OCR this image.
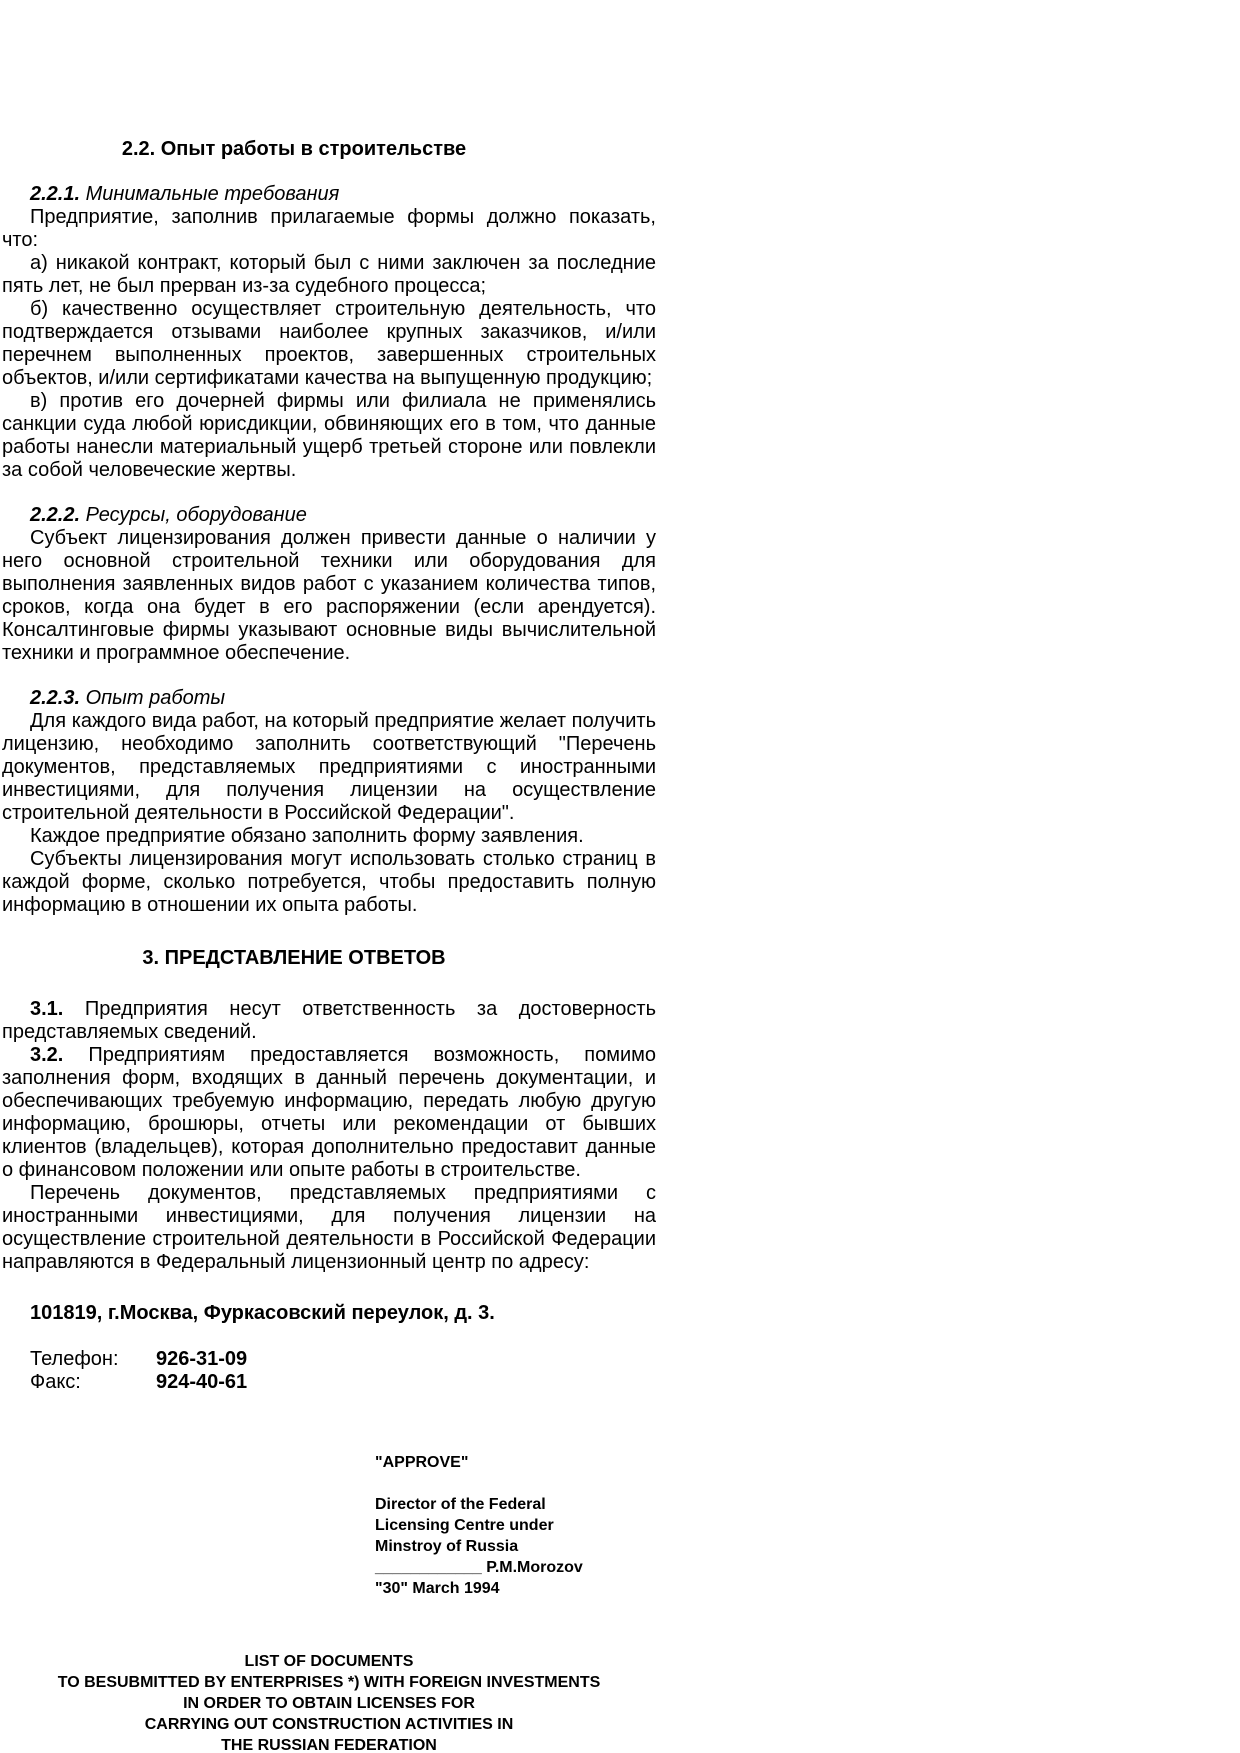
2.2. Опыт работы в строительстве

2.2.1. Минимальные требования

Предприятие, заполнив прилагаемые формы должно показать, что:

а) никакой контракт, который был с ними заключен за последние пять лет, не был прерван из-за судебного процесса;

б) качественно осуществляет строительную деятельность, что подтверждается отзывами наиболее крупных заказчиков, и/или перечнем выполненных проектов, завершенных строительных объектов, и/или сертификатами качества на выпущенную продукцию;

в) против его дочерней фирмы или филиала не применялись санкции суда любой юрисдикции, обвиняющих его в том, что данные работы нанесли материальный ущерб третьей стороне или повлекли за собой человеческие жертвы.

2.2.2. Ресурсы, оборудование

Субъект лицензирования должен привести данные о наличии у него основной строительной техники или оборудования для выполнения заявленных видов работ с указанием количества типов, сроков, когда она будет в его распоряжении (если арендуется). Консалтинговые фирмы указывают основные виды вычислительной техники и программное обеспечение.

2.2.3. Опыт работы

Для каждого вида работ, на который предприятие желает получить лицензию, необходимо заполнить соответствующий "Перечень документов, представляемых предприятиями с иностранными инвестициями, для получения лицензии на осуществление строительной деятельности в Российской Федерации".

Каждое предприятие обязано заполнить форму заявления.

Субъекты лицензирования могут использовать столько страниц в каждой форме, сколько потребуется, чтобы предоставить полную информацию в отношении их опыта работы.

3. ПРЕДСТАВЛЕНИЕ ОТВЕТОВ

3.1. Предприятия несут ответственность за достоверность представляемых сведений.

3.2. Предприятиям предоставляется возможность, помимо заполнения форм, входящих в данный перечень документации, и обеспечивающих требуемую информацию, передать любую другую информацию, брошюры, отчеты или рекомендации от бывших клиентов (владельцев), которая дополнительно предоставит данные о финансовом положении или опыте работы в строительстве.

Перечень документов, представляемых предприятиями с иностранными инвестициями, для получения лицензии на осуществление строительной деятельности в Российской Федерации направляются в Федеральный лицензионный центр по адресу:

101819, г.Москва, Фуркасовский переулок, д. 3.

Телефон: 926-31-09

Факс:	924-40-61

"APPROVE"

Director of the Federal

Licensing Centre under

Minstroy of Russia

____________ P.M.Morozov

"30" March 1994

LIST OF DOCUMENTS

TO BESUBMITTED BY ENTERPRISES *) WITH FOREIGN INVESTMENTS

IN ORDER TO OBTAIN LICENSES FOR

CARRYING OUT CONSTRUCTION ACTIVITIES IN

THE RUSSIAN FEDERATION
